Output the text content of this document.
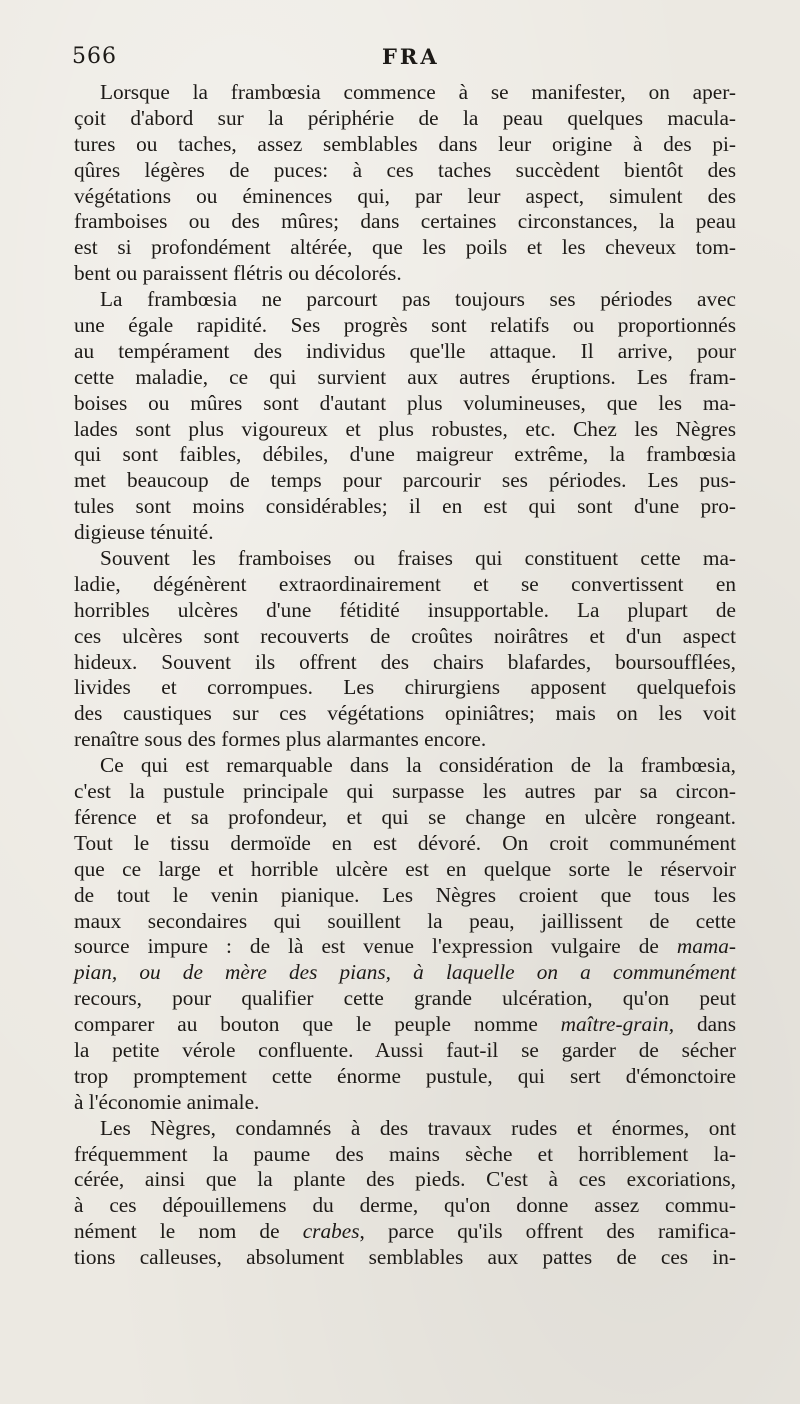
566	FRA
Lorsque la frambœsia commence à se manifester, on aper-
çoit d'abord sur la périphérie de la peau quelques macula-
tures ou taches, assez semblables dans leur origine à des pi-
qûres légères de puces: à ces taches succèdent bientôt des
végétations ou éminences qui, par leur aspect, simulent des
framboises ou des mûres; dans certaines circonstances, la peau
est si profondément altérée, que les poils et les cheveux tom-
bent ou paraissent flétris ou décolorés.
La frambœsia ne parcourt pas toujours ses périodes avec
une égale rapidité. Ses progrès sont relatifs ou proportionnés
au tempérament des individus que'lle attaque. Il arrive, pour
cette maladie, ce qui survient aux autres éruptions. Les fram-
boises ou mûres sont d'autant plus volumineuses, que les ma-
lades sont plus vigoureux et plus robustes, etc. Chez les Nègres
qui sont faibles, débiles, d'une maigreur extrême, la frambœsia
met beaucoup de temps pour parcourir ses périodes. Les pus-
tules sont moins considérables; il en est qui sont d'une pro-
digieuse ténuité.
Souvent les framboises ou fraises qui constituent cette ma-
ladie, dégénèrent extraordinairement et se convertissent en
horribles ulcères d'une fétidité insupportable. La plupart de
ces ulcères sont recouverts de croûtes noirâtres et d'un aspect
hideux. Souvent ils offrent des chairs blafardes, boursoufflées,
livides et corrompues. Les chirurgiens apposent quelquefois
des caustiques sur ces végétations opiniâtres; mais on les voit
renaître sous des formes plus alarmantes encore.
Ce qui est remarquable dans la considération de la frambœsia,
c'est la pustule principale qui surpasse les autres par sa circon-
férence et sa profondeur, et qui se change en ulcère rongeant.
Tout le tissu dermoïde en est dévoré. On croit communément
que ce large et horrible ulcère est en quelque sorte le réservoir
de tout le venin pianique. Les Nègres croient que tous les
maux secondaires qui souillent la peau, jaillissent de cette
source impure : de là est venue l'expression vulgaire de mama-
pian, ou de mère des pians, à laquelle on a communément
recours, pour qualifier cette grande ulcération, qu'on peut
comparer au bouton que le peuple nomme maître-grain, dans
la petite vérole confluente. Aussi faut-il se garder de sécher
trop promptement cette énorme pustule, qui sert d'émonctoire
à l'économie animale.
Les Nègres, condamnés à des travaux rudes et énormes, ont
fréquemment la paume des mains sèche et horriblement la-
cérée, ainsi que la plante des pieds. C'est à ces excoriations,
à ces dépouillemens du derme, qu'on donne assez commu-
nément le nom de crabes, parce qu'ils offrent des ramifica-
tions calleuses, absolument semblables aux pattes de ces in-
